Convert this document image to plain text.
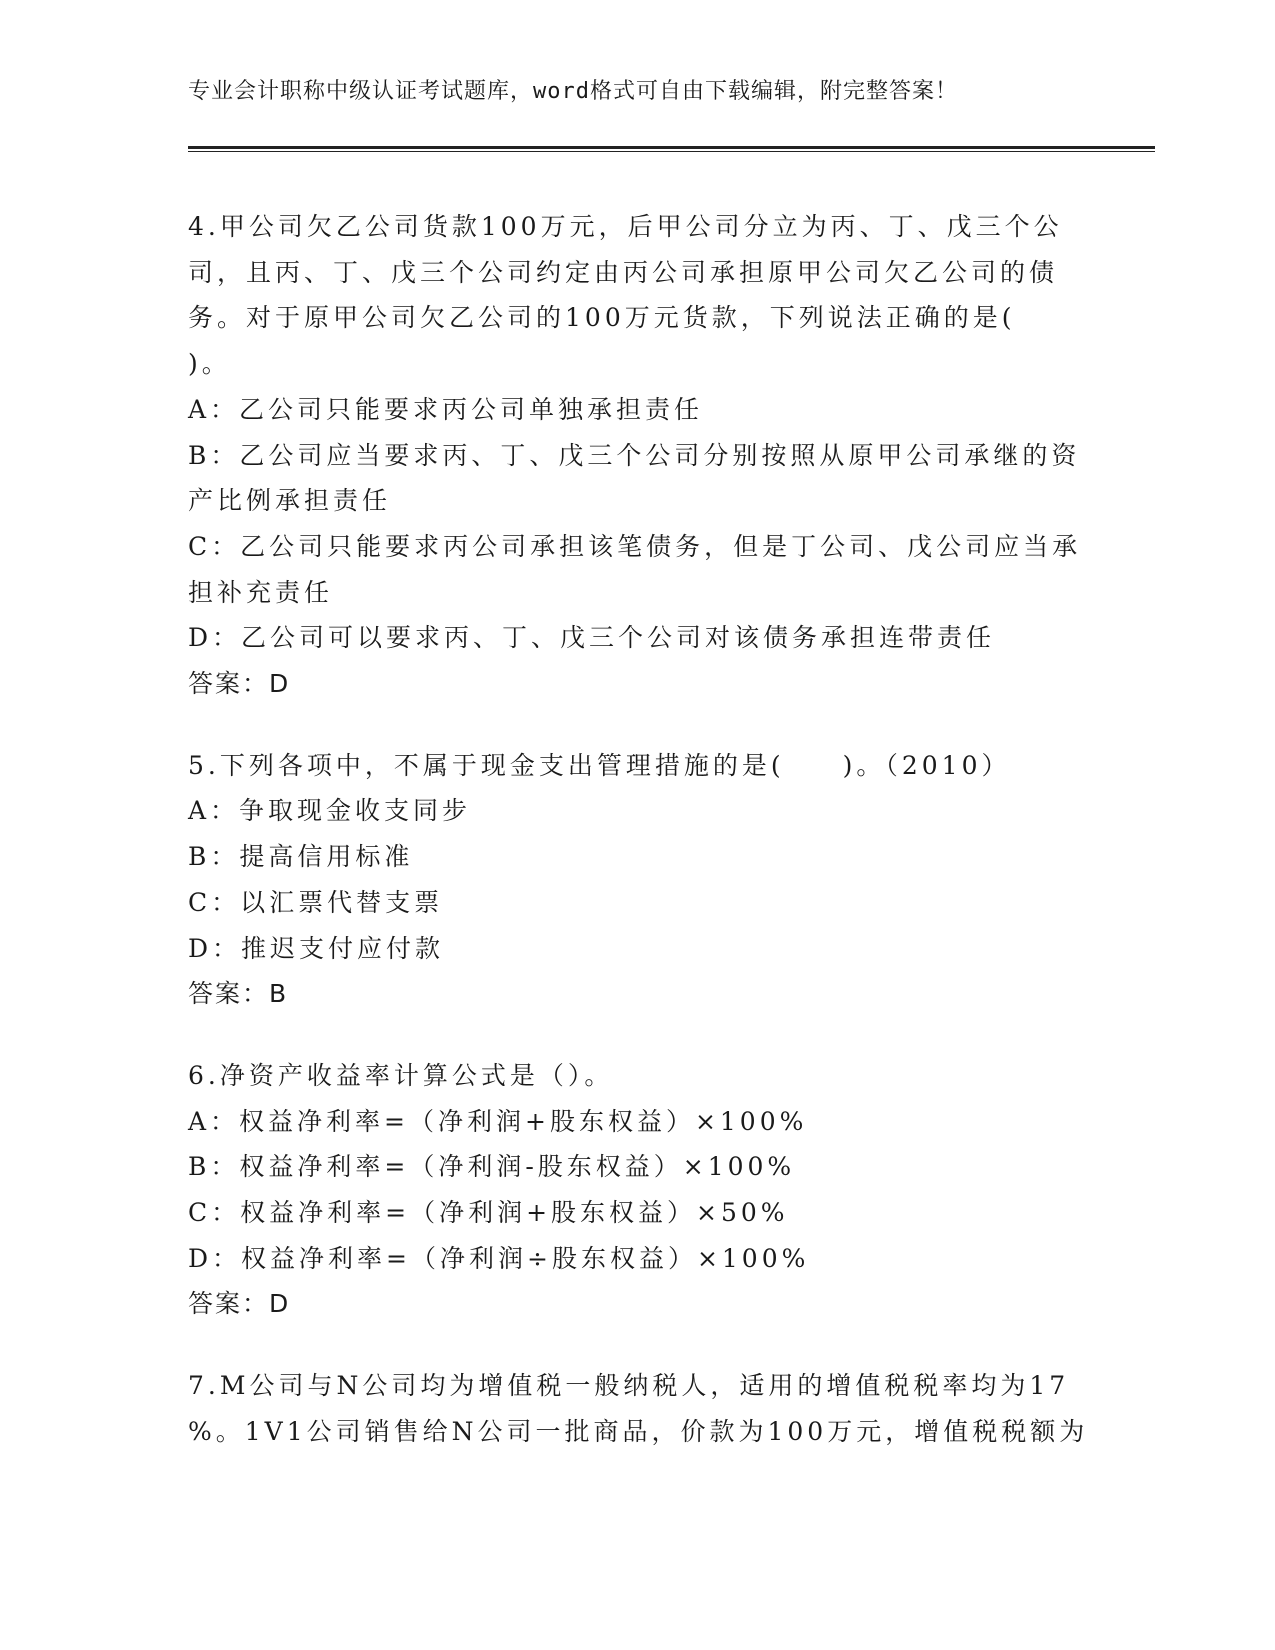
专业会计职称中级认证考试题库，word格式可自由下载编辑，附完整答案！
4.甲公司欠乙公司货款100万元，后甲公司分立为丙、丁、戊三个公
司，且丙、丁、戊三个公司约定由丙公司承担原甲公司欠乙公司的债
务。对于原甲公司欠乙公司的100万元货款，下列说法正确的是(
)。
A：乙公司只能要求丙公司单独承担责任
B：乙公司应当要求丙、丁、戊三个公司分别按照从原甲公司承继的资
产比例承担责任
C：乙公司只能要求丙公司承担该笔债务，但是丁公司、戊公司应当承
担补充责任
D：乙公司可以要求丙、丁、戊三个公司对该债务承担连带责任
答案：D
5.下列各项中，不属于现金支出管理措施的是(　　)。（2010）
A：争取现金收支同步
B：提高信用标准
C：以汇票代替支票
D：推迟支付应付款
答案：B
6.净资产收益率计算公式是（）。
A：权益净利率=（净利润+股东权益）×100%
B：权益净利率=（净利润-股东权益）×100%
C：权益净利率=（净利润+股东权益）×50%
D：权益净利率=（净利润÷股东权益）×100%
答案：D
7.M公司与N公司均为增值税一般纳税人，适用的增值税税率均为17
%。1V1公司销售给N公司一批商品，价款为100万元，增值税税额为
